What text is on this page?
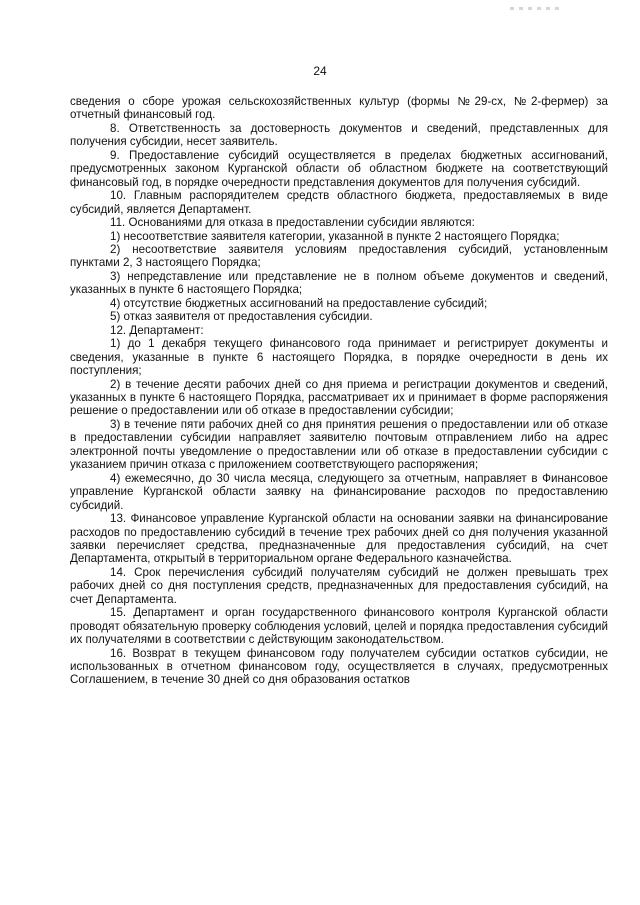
24

сведения о сборе урожая сельскохозяйственных культур (формы №29-сх, №2-фермер) за отчетный финансовый год.

8. Ответственность за достоверность документов и сведений, представленных для получения субсидии, несет заявитель.

9. Предоставление субсидий осуществляется в пределах бюджетных ассигнований, предусмотренных законом Курганской области об областном бюджете на соответствующий финансовый год, в порядке очередности представления документов для получения субсидий.

10. Главным распорядителем средств областного бюджета, предоставляемых в виде субсидий, является Департамент.

11. Основаниями для отказа в предоставлении субсидии являются:

1) несоответствие заявителя категории, указанной в пункте 2 настоящего Порядка;

2) несоответствие заявителя условиям предоставления субсидий, установленным пунктами 2, 3 настоящего Порядка;

3) непредставление или представление не в полном объеме документов и сведений, указанных в пункте 6 настоящего Порядка;

4) отсутствие бюджетных ассигнований на предоставление субсидий;

5) отказ заявителя от предоставления субсидии.

12. Департамент:

1) до 1 декабря текущего финансового года принимает и регистрирует документы и сведения, указанные в пункте 6 настоящего Порядка, в порядке очередности в день их поступления;

2) в течение десяти рабочих дней со дня приема и регистрации документов и сведений, указанных в пункте 6 настоящего Порядка, рассматривает их и принимает в форме распоряжения решение о предоставлении или об отказе в предоставлении субсидии;

3) в течение пяти рабочих дней со дня принятия решения о предоставлении или об отказе в предоставлении субсидии направляет заявителю почтовым отправлением либо на адрес электронной почты уведомление о предоставлении или об отказе в предоставлении субсидии с указанием причин отказа с приложением соответствующего распоряжения;

4) ежемесячно, до 30 числа месяца, следующего за отчетным, направляет в Финансовое управление Курганской области заявку на финансирование расходов по предоставлению субсидий.

13. Финансовое управление Курганской области на основании заявки на финансирование расходов по предоставлению субсидий в течение трех рабочих дней со дня получения указанной заявки перечисляет средства, предназначенные для предоставления субсидий, на счет Департамента, открытый в территориальном органе Федерального казначейства.

14. Срок перечисления субсидий получателям субсидий не должен превышать трех рабочих дней со дня поступления средств, предназначенных для предоставления субсидий, на счет Департамента.

15. Департамент и орган государственного финансового контроля Курганской области проводят обязательную проверку соблюдения условий, целей и порядка предоставления субсидий их получателями в соответствии с действующим законодательством.

16. Возврат в текущем финансовом году получателем субсидии остатков субсидии, не использованных в отчетном финансовом году, осуществляется в случаях, предусмотренных Соглашением, в течение 30 дней со дня образования остатков
